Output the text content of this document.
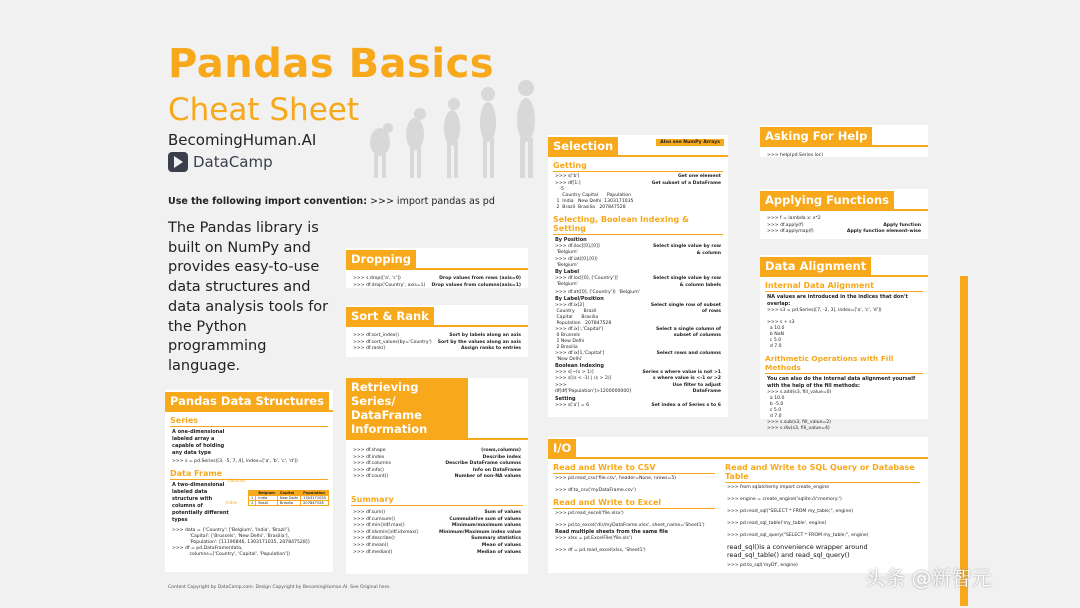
Pandas Basics
Cheat Sheet
BecomingHuman.AI
DataCamp
Use the following import convention: >>> import pandas as pd
The Pandas library is built on NumPy and provides easy-to-use data structures and data analysis tools for the Python programming language.
Pandas Data Structures
Series
A one-dimensional labeled array a capable of holding any data type
>>> s = pd.Series([3, -5, 7, 4], index=['a', 'b', 'c', 'd'])
Data Frame
A two-dimensional labeled data structure with columns of potentially different types
Columns
Index
	Belgium	Capital	Population
1	India	New Delhi	1303171035
2	Brazil	Brasilia	207847528
>>> data = {'Country': ['Belgium', 'India', 'Brazil'],
'Capital': ['Brussels', 'New Delhi', 'Brasilia'],
'Population': [11190846, 1303171035, 207847528]}
>>> df = pd.DataFrame(data,
columns=['Country', 'Capital', 'Population'])
Dropping
>>> s.drop(['a', 'c'])	Drop values from rows (axis=0)
>>> df.drop('Country', axis=1) Drop values from columns(axis=1)
Sort & Rank
>>> df.sort_index()	Sort by labels along an axis
>>> df.sort_values(by='Country') Sort by the values along an axis
>>> df.rank()	Assign ranks to entries
Retrieving Series/ DataFrame Information
>>> df.shape	(rows,columns)
>>> df.index	Describe index
>>> df.columns	Describe DataFrame columns
>>> df.info()	Info on DataFrame
>>> df.count()	Number of non-NA values
Summary
>>> df.sum()	Sum of values
>>> df.cumsum()	Cummulative sum of values
>>> df.min()/df.max()	Minimum/maximum values
>>> df.idxmin()/df.idxmax()	Minimum/Maximum index value
>>> df.describe()	Summary statistics
>>> df.mean()	Mean of values
>>> df.median()	Median of values
Selection	Also see NumPy Arrays
Getting
>>> s['b']	Get one element
>>> df[1:]	Get subset of a DataFrame
-5
Country Capital      Population
1  India   New Delhi  1303171035
2  Brazil  Brasilia   207847528
Selecting, Boolean Indexing & Setting
By Position
>>> df.iloc[[0],[0]]
'Belgium'
Select single value by row & column
>>> df.iat([0],[0])
'Belgium'
By Label
>>> df.loc[[0], ['Country']]
'Belgium'
Select single value by row & column labels
>>> df.at([0], ['Country'])  'Belgium'
By Label/Position
>>> df.ix[2]
Country      Brazil
Capital      Brasilia
Population   207847528
Select single row of subset of rows
>>> df.ix[:,'Capital']
0 Brussels
1 New Delhi
2 Brasilia
Select a single column of subset of columns
>>> df.ix[1,'Capital']
'New Delhi'
Select rows and columns
Boolean Indexing
>>> s[~(s > 1)]	Series s where value is not >1
>>> s[(s < -1) | (s > 2)]	s where value is <-1 or >2
>>> df[df['Population']>1200000000]
Use filter to adjust DataFrame
Setting
>>> s['a'] = 6	Set index a of Series s to 6
Asking For Help
>>> help(pd.Series.loc)
Applying Functions
>>> f = lambda x: x*2
>>> df.apply(f)	Apply function
>>> df.applymap(f)	Apply function element-wise
Data Alignment
Internal Data Alignment
NA values are introduced in the indices that don't overlap:
>>> s3 = pd.Series([7, -2, 3], index=['a', 'c', 'd'])

>>> s + s3
a 10.0
b NaN
c 5.0
d 7.0
Arithmetic Operations with Fill Methods
You can also do the internal data alignment yourself with the help of the fill methods:
>>> s.add(s3, fill_value=0)
a 10.0
b -5.0
c 5.0
d 7.0
>>> s.sub(s3, fill_value=2)
>>> s.div(s3, fill_value=4)
I/O
Read and Write to CSV
>>> pd.read_csv('file.csv', header=None, nrows=5)

>>> df.to_csv('myDataFrame.csv')
Read and Write to Excel
>>> pd.read_excel('file.xlsx')

>>> pd.to_excel('dir/myDataFrame.xlsx', sheet_name='Sheet1')
Read multiple sheets from the same file
>>> xlsx = pd.ExcelFile('file.xls')

>>> df = pd.read_excel(xlsx, 'Sheet1')
Read and Write to SQL Query or Database Table
>>> from sqlalchemy import create_engine

>>> engine = create_engine('sqlite:///:memory:')

>>> pd.read_sql("SELECT * FROM my_table;", engine)

>>> pd.read_sql_table('my_table', engine)

>>> pd.read_sql_query("SELECT * FROM my_table;", engine)
read_sql()is a convenience wrapper around read_sql_table() and read_sql_query()
>>> pd.to_sql('myDf', engine)
Content Copyright by DataCamp.com. Design Copyright by BecomingHuman.AI. See Original here.	头条 @新智元
